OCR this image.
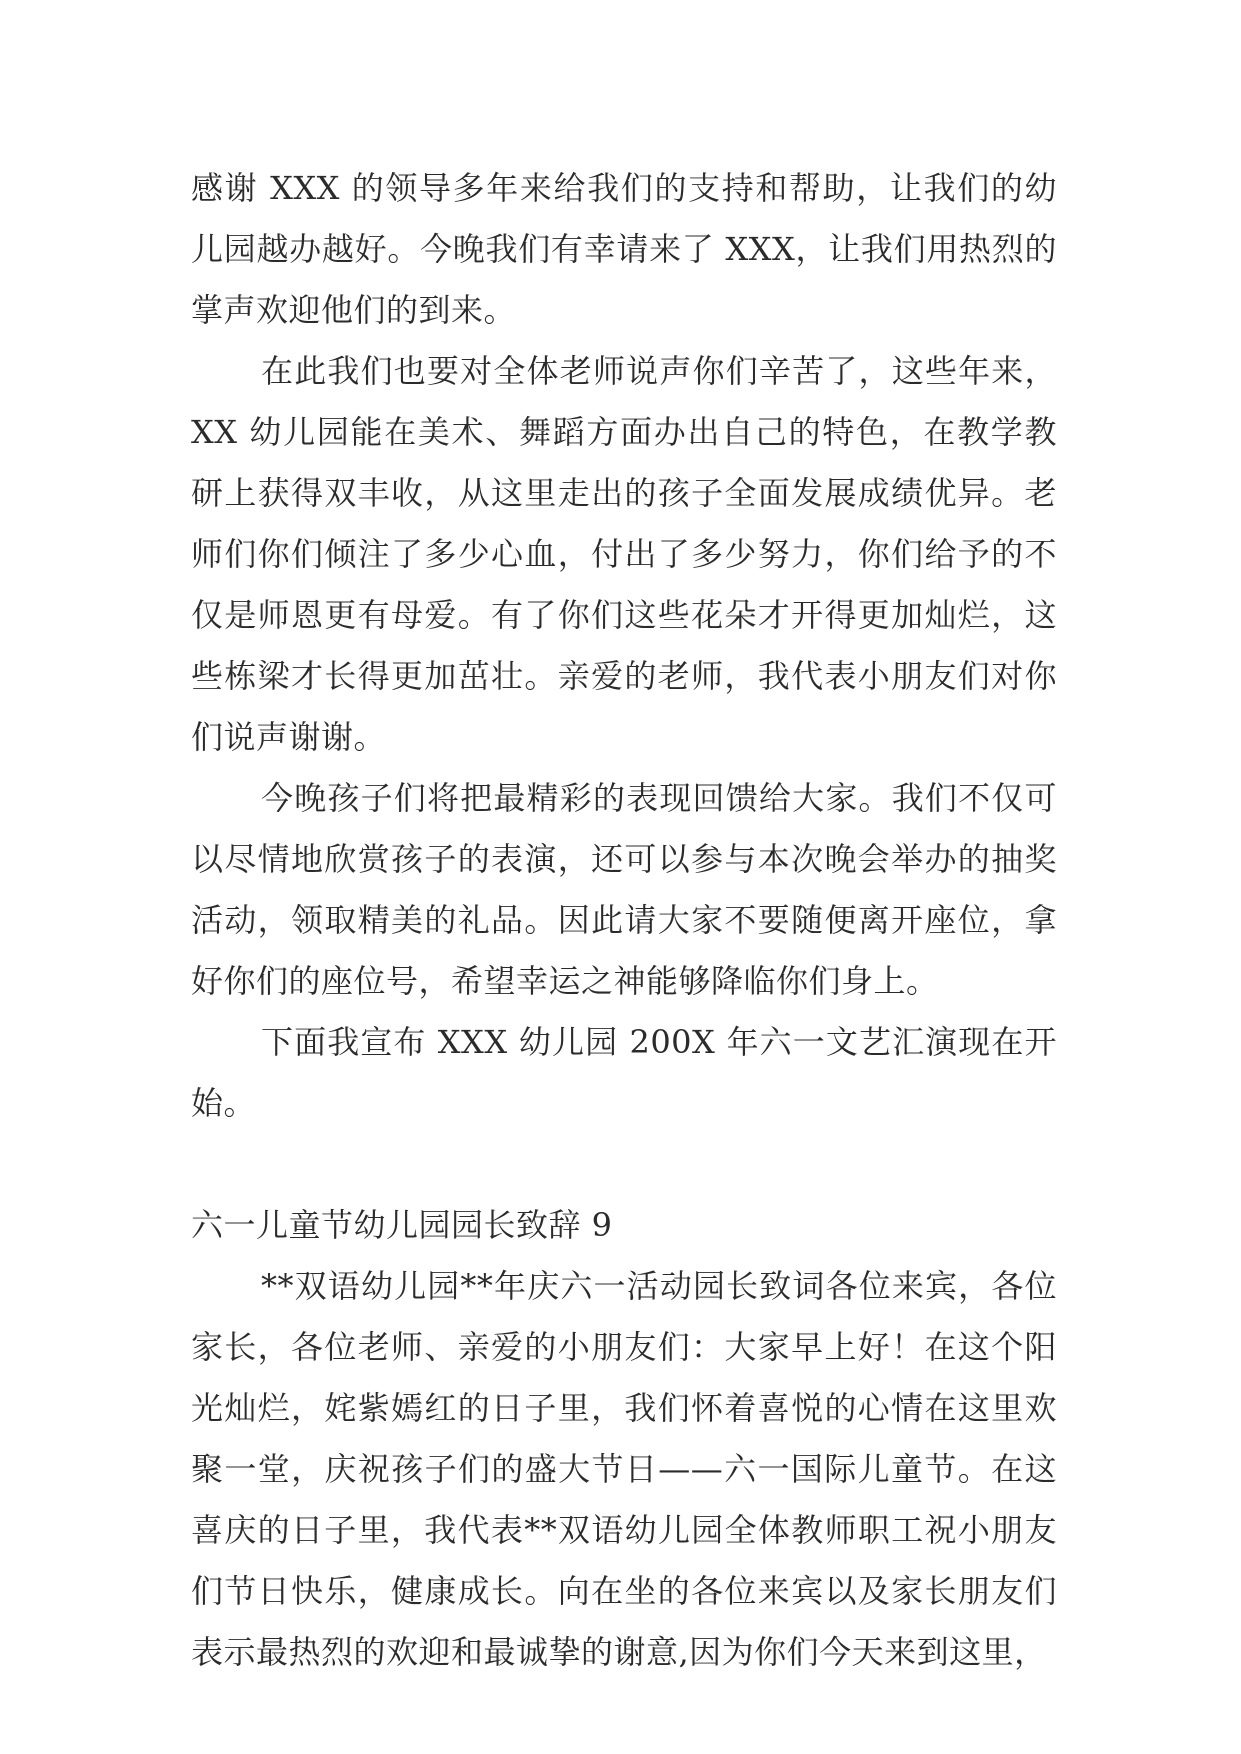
感谢 XXX 的领导多年来给我们的支持和帮助，让我们的幼儿园越办越好。今晚我们有幸请来了 XXX，让我们用热烈的掌声欢迎他们的到来。

在此我们也要对全体老师说声你们辛苦了，这些年来，XX 幼儿园能在美术、舞蹈方面办出自己的特色，在教学教研上获得双丰收，从这里走出的孩子全面发展成绩优异。老师们你们倾注了多少心血，付出了多少努力，你们给予的不仅是师恩更有母爱。有了你们这些花朵才开得更加灿烂，这些栋梁才长得更加茁壮。亲爱的老师，我代表小朋友们对你们说声谢谢。

今晚孩子们将把最精彩的表现回馈给大家。我们不仅可以尽情地欣赏孩子的表演，还可以参与本次晚会举办的抽奖活动，领取精美的礼品。因此请大家不要随便离开座位，拿好你们的座位号，希望幸运之神能够降临你们身上。

下面我宣布 XXX 幼儿园 200X 年六一文艺汇演现在开始。

六一儿童节幼儿园园长致辞 9

**双语幼儿园**年庆六一活动园长致词各位来宾，各位家长，各位老师、亲爱的小朋友们：大家早上好！在这个阳光灿烂，姹紫嫣红的日子里，我们怀着喜悦的心情在这里欢聚一堂，庆祝孩子们的盛大节日——六一国际儿童节。在这喜庆的日子里，我代表**双语幼儿园全体教师职工祝小朋友们节日快乐，健康成长。向在坐的各位来宾以及家长朋友们表示最热烈的欢迎和最诚挚的谢意,因为你们今天来到这里，
